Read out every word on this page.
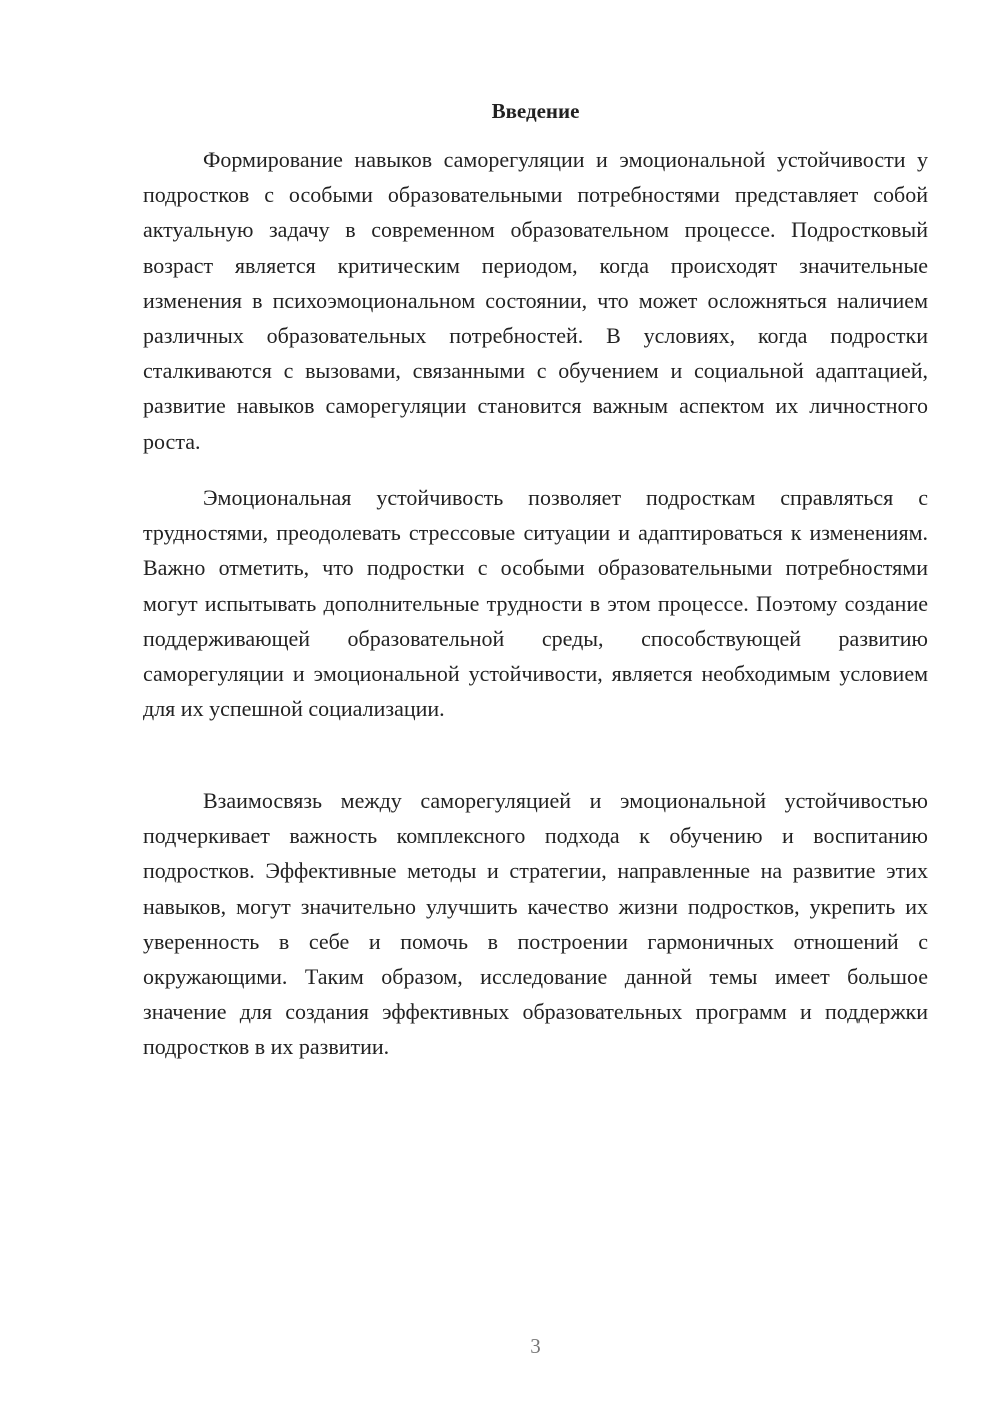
Введение

Формирование навыков саморегуляции и эмоциональной устойчивости у подростков с особыми образовательными потребностями представляет собой актуальную задачу в современном образовательном процессе. Подростковый возраст является критическим периодом, когда происходят значительные изменения в психоэмоциональном состоянии, что может осложняться наличием различных образовательных потребностей. В условиях, когда подростки сталкиваются с вызовами, связанными с обучением и социальной адаптацией, развитие навыков саморегуляции становится важным аспектом их личностного роста.

Эмоциональная устойчивость позволяет подросткам справляться с трудностями, преодолевать стрессовые ситуации и адаптироваться к изменениям. Важно отметить, что подростки с особыми образовательными потребностями могут испытывать дополнительные трудности в этом процессе. Поэтому создание поддерживающей образовательной среды, способствующей развитию саморегуляции и эмоциональной устойчивости, является необходимым условием для их успешной социализации.

Взаимосвязь между саморегуляцией и эмоциональной устойчивостью подчеркивает важность комплексного подхода к обучению и воспитанию подростков. Эффективные методы и стратегии, направленные на развитие этих навыков, могут значительно улучшить качество жизни подростков, укрепить их уверенность в себе и помочь в построении гармоничных отношений с окружающими. Таким образом, исследование данной темы имеет большое значение для создания эффективных образовательных программ и поддержки подростков в их развитии.

3
